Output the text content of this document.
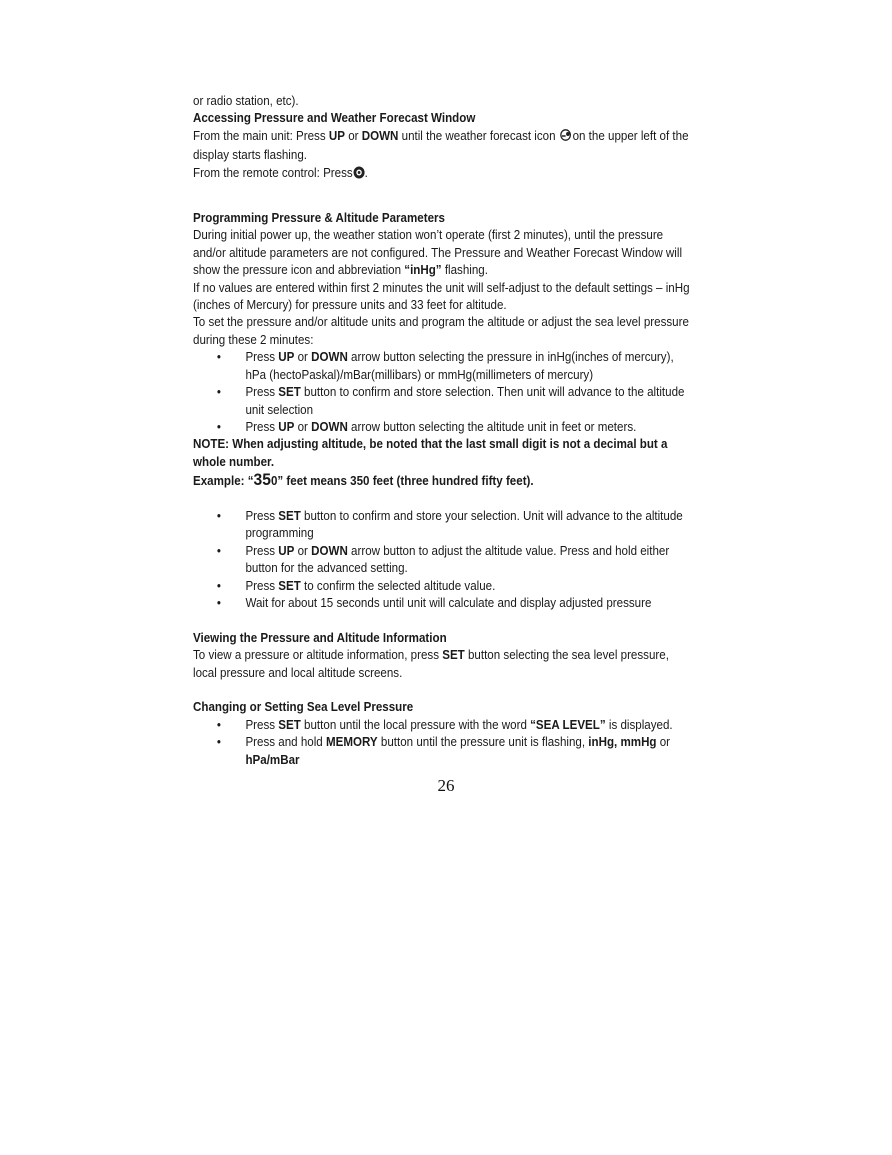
or radio station, etc).

Accessing Pressure and Weather Forecast Window

From the main unit: Press UP or DOWN until the weather forecast icon on the upper left of the display starts flashing.

From the remote control: Press .

Programming Pressure & Altitude Parameters

During initial power up, the weather station won’t operate (first 2 minutes), until the pressure and/or altitude parameters are not configured. The Pressure and Weather Forecast Window will show the pressure icon and abbreviation “inHg” flashing.

If no values are entered within first 2 minutes the unit will self-adjust to the default settings – inHg (inches of Mercury) for pressure units and 33 feet for altitude.

To set the pressure and/or altitude units and program the altitude or adjust the sea level pressure during these 2 minutes:

• Press UP or DOWN arrow button selecting the pressure in inHg(inches of mercury), hPa (hectoPaskal)/mBar(millibars) or mmHg(millimeters of mercury)
• Press SET button to confirm and store selection. Then unit will advance to the altitude unit selection
• Press UP or DOWN arrow button selecting the altitude unit in feet or meters.

NOTE: When adjusting altitude, be noted that the last small digit is not a decimal but a whole number.

Example: “350” feet means 350 feet (three hundred fifty feet).

• Press SET button to confirm and store your selection. Unit will advance to the altitude programming
• Press UP or DOWN arrow button to adjust the altitude value. Press and hold either button for the advanced setting.
• Press SET to confirm the selected altitude value.
• Wait for about 15 seconds until unit will calculate and display adjusted pressure

Viewing the Pressure and Altitude Information

To view a pressure or altitude information, press SET button selecting the sea level pressure, local pressure and local altitude screens.

Changing or Setting Sea Level Pressure

• Press SET button until the local pressure with the word “SEA LEVEL” is displayed.
• Press and hold MEMORY button until the pressure unit is flashing, inHg, mmHg or hPa/mBar
26
